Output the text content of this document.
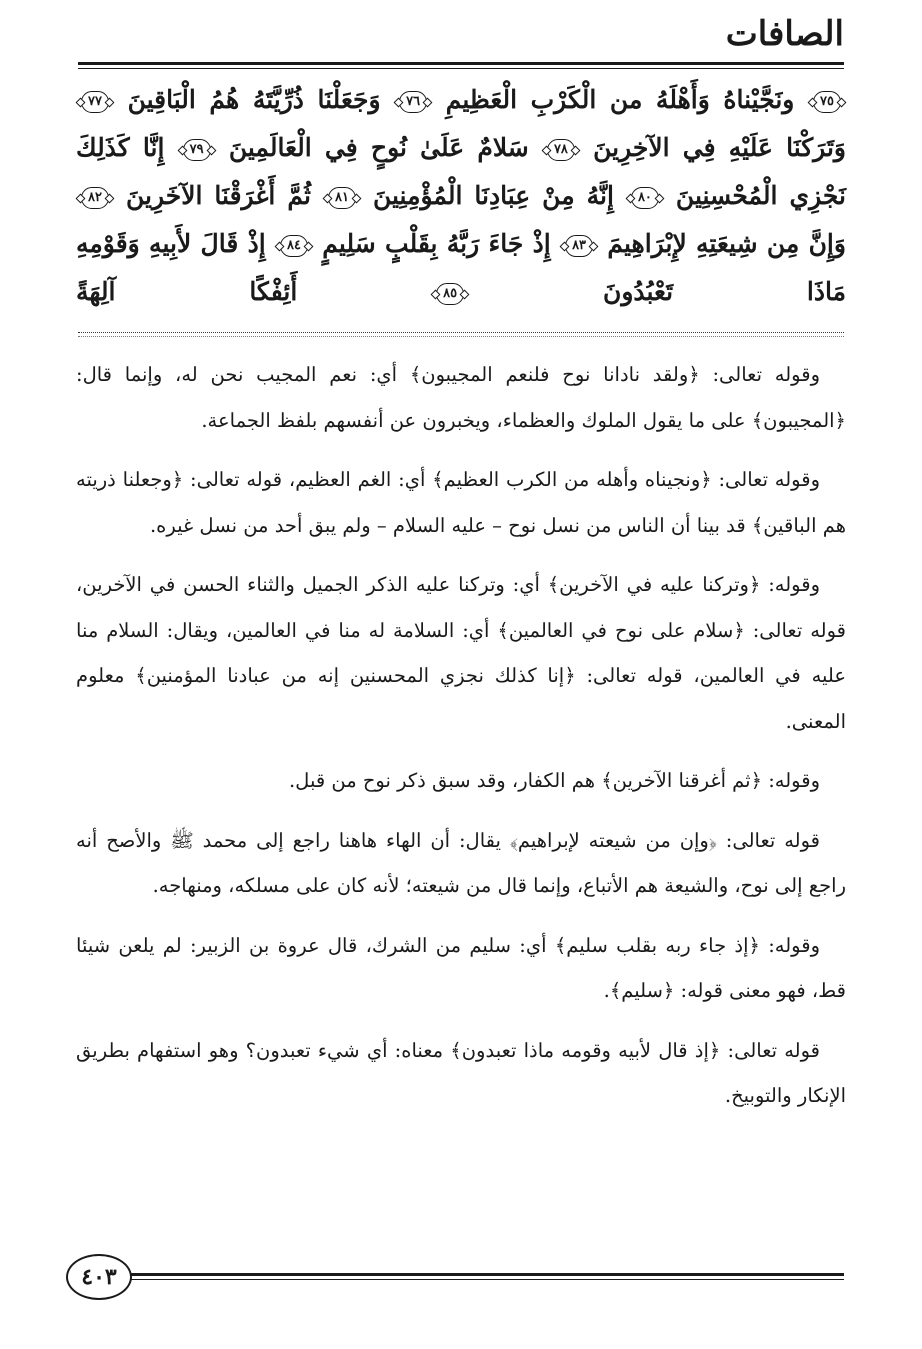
الصافات
٧٥ ونَجَّيْناهُ وَأَهْلَهُ من الْكَرْبِ الْعَظِيمِ ٧٦ وَجَعَلْنَا ذُرِّيَّتَهُ هُمُ الْبَاقِينَ ٧٧ وَتَرَكْنَا عَلَيْهِ فِي الآخِرِينَ ٧٨ سَلامٌ عَلَىٰ نُوحٍ فِي الْعَالَمِينَ ٧٩ إِنَّا كَذَلِكَ نَجْزِي الْمُحْسِنِينَ ٨٠ إِنَّهُ مِنْ عِبَادِنَا الْمُؤْمِنِينَ ٨١ ثُمَّ أَغْرَقْنَا الآخَرِينَ ٨٢ وَإِنَّ مِن شِيعَتِهِ لإِبْرَاهِيمَ ٨٣ إِذْ جَاءَ رَبَّهُ بِقَلْبٍ سَلِيمٍ ٨٤ إِذْ قَالَ لأَبِيهِ وَقَوْمِهِ مَاذَا تَعْبُدُونَ ٨٥ أَئِفْكًا آلِهَةً

وقوله تعالى: ﴿ولقد نادانا نوح فلنعم المجيبون﴾ أي: نعم المجيب نحن له، وإنما قال: ﴿المجيبون﴾ على ما يقول الملوك والعظماء، ويخبرون عن أنفسهم بلفظ الجماعة.

وقوله تعالى: ﴿ونجيناه وأهله من الكرب العظيم﴾ أي: الغم العظيم، قوله تعالى: ﴿وجعلنا ذريته هم الباقين﴾ قد بينا أن الناس من نسل نوح – عليه السلام – ولم يبق أحد من نسل غيره.

وقوله: ﴿وتركنا عليه في الآخرين﴾ أي: وتركنا عليه الذكر الجميل والثناء الحسن في الآخرين، قوله تعالى: ﴿سلام على نوح في العالمين﴾ أي: السلامة له منا في العالمين، ويقال: السلام منا عليه في العالمين، قوله تعالى: ﴿إنا كذلك نجزي المحسنين إنه من عبادنا المؤمنين﴾ معلوم المعنى.

وقوله: ﴿ثم أغرقنا الآخرين﴾ هم الكفار، وقد سبق ذكر نوح من قبل.

قوله تعالى: ﴿وإن من شيعته لإبراهيم﴾ يقال: أن الهاء هاهنا راجع إلى محمد ﷺ والأصح أنه راجع إلى نوح، والشيعة هم الأتباع، وإنما قال من شيعته؛ لأنه كان على مسلكه، ومنهاجه.

وقوله: ﴿إذ جاء ربه بقلب سليم﴾ أي: سليم من الشرك، قال عروة بن الزبير: لم يلعن شيئا قط، فهو معنى قوله: ﴿سليم﴾.

قوله تعالى: ﴿إذ قال لأبيه وقومه ماذا تعبدون﴾ معناه: أي شيء تعبدون؟ وهو استفهام بطريق الإنكار والتوبيخ.

٤٠٣
